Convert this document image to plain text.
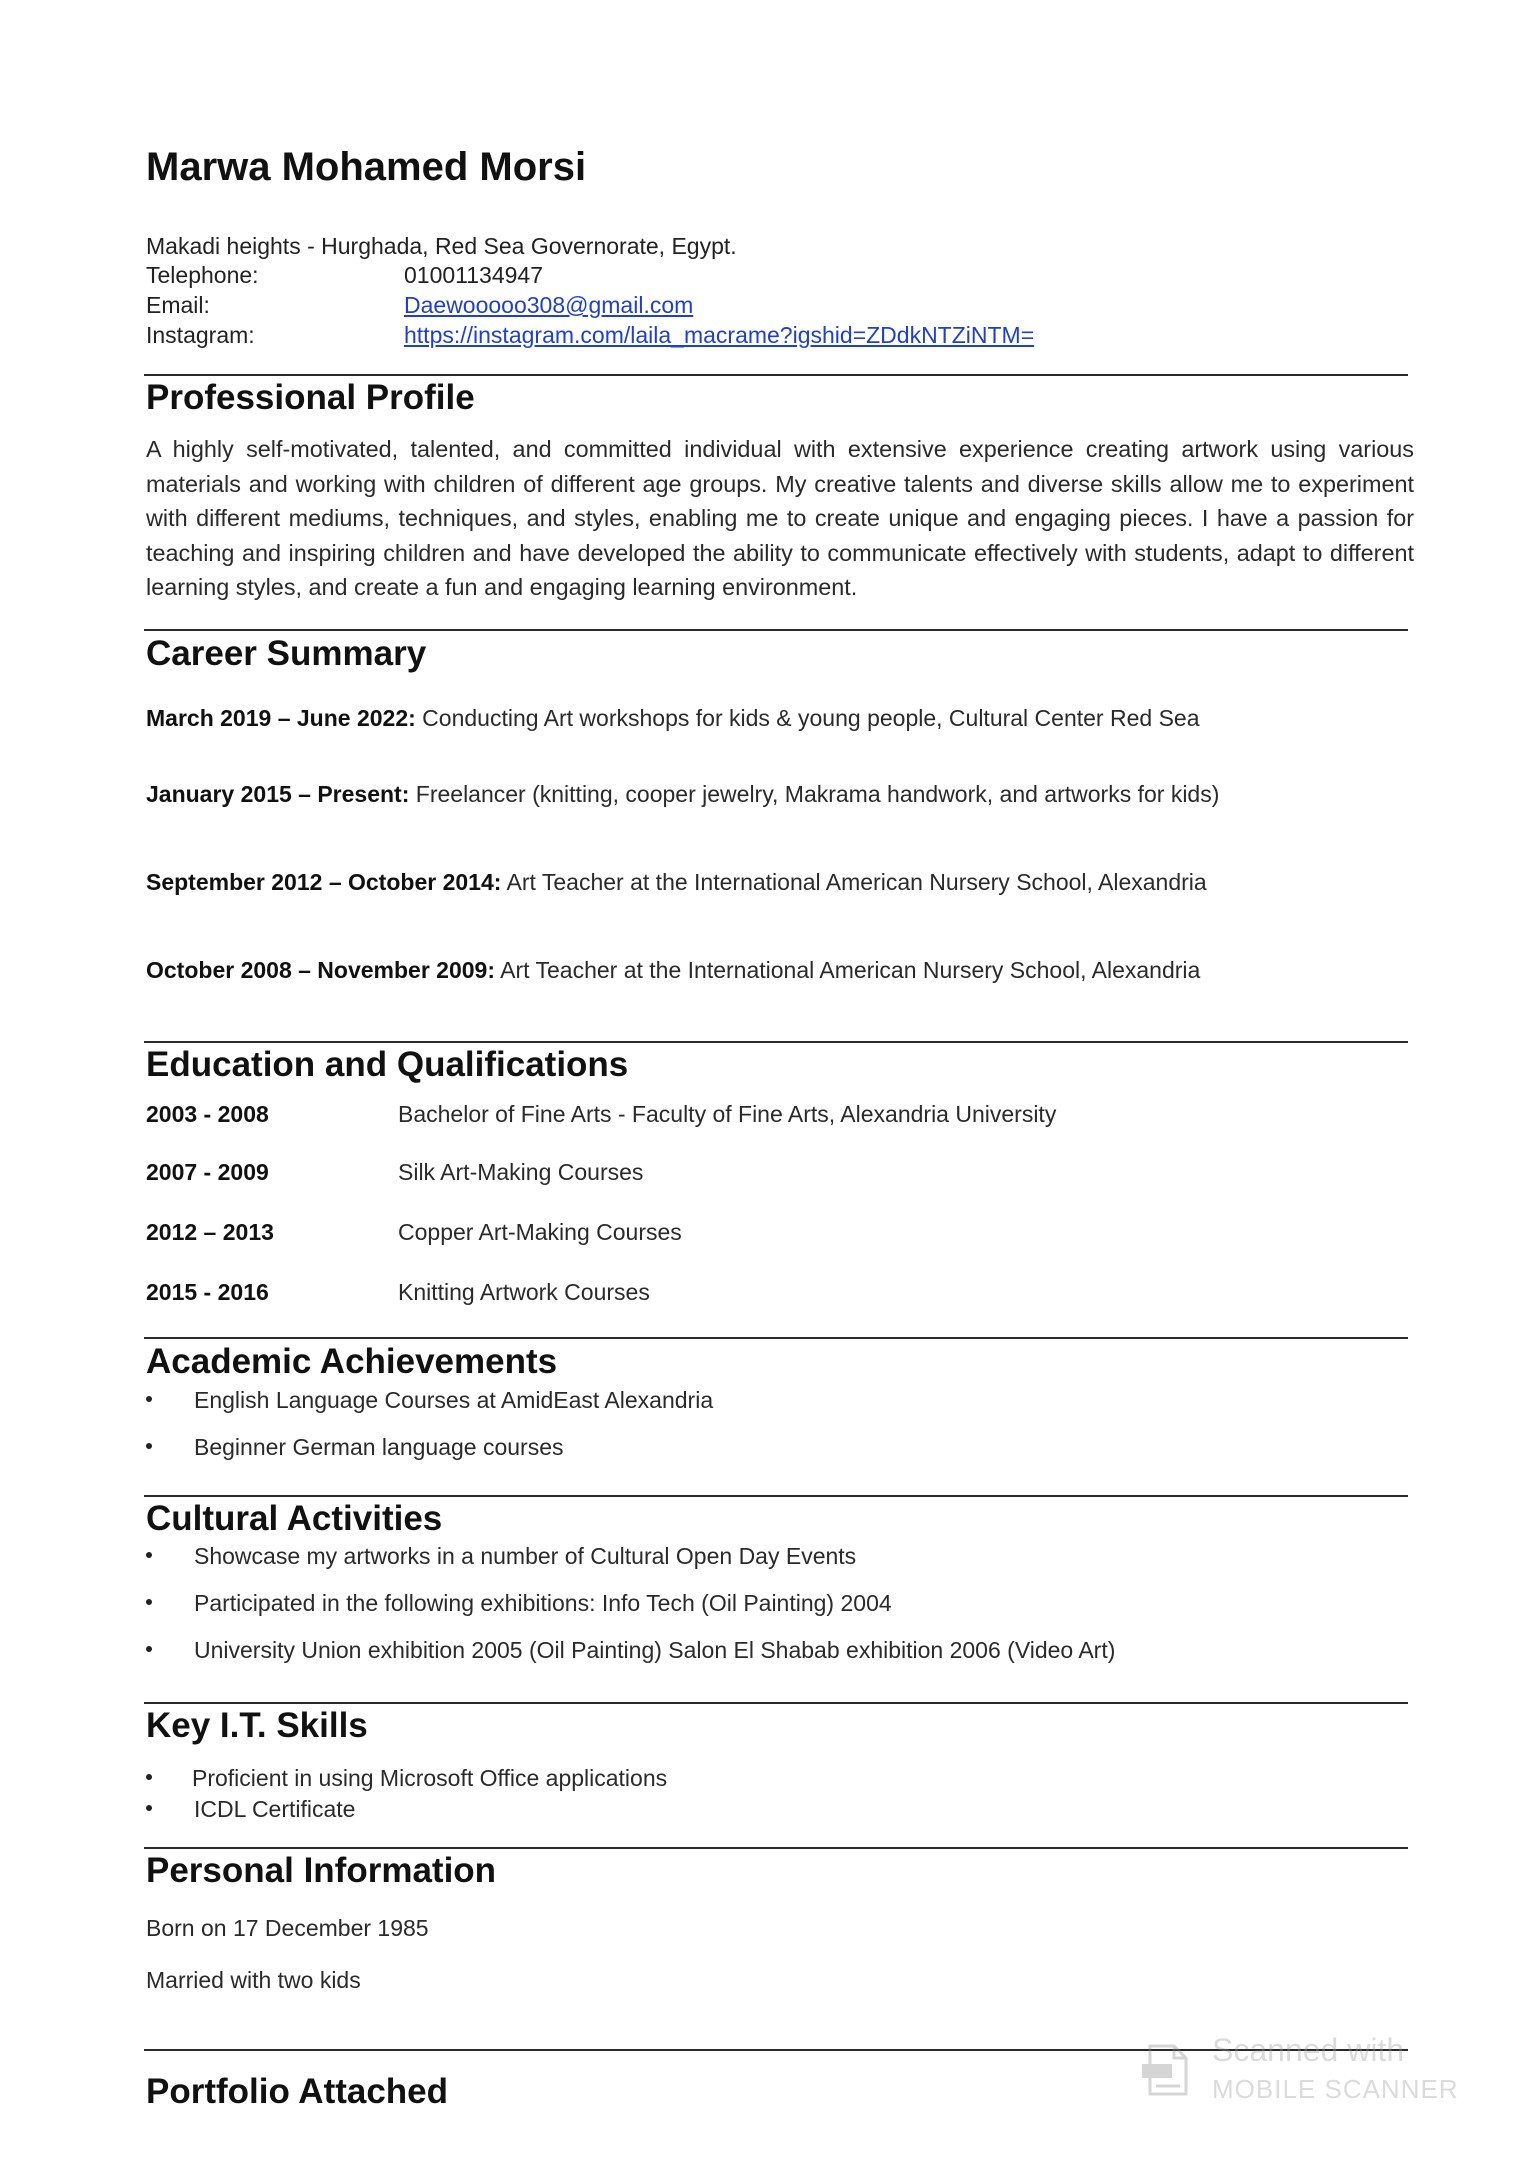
Marwa Mohamed Morsi
Makadi heights - Hurghada, Red Sea Governorate, Egypt.
Telephone:	01001134947
Email:	Daewooooo308@gmail.com
Instagram:	https://instagram.com/laila_macrame?igshid=ZDdkNTZiNTM=
Professional Profile

A highly self-motivated, talented, and committed individual with extensive experience creating artwork using various materials and working with children of different age groups. My creative talents and diverse skills allow me to experiment with different mediums, techniques, and styles, enabling me to create unique and engaging pieces. I have a passion for teaching and inspiring children and have developed the ability to communicate effectively with students, adapt to different learning styles, and create a fun and engaging learning environment.

Career Summary
March 2019 – June 2022: Conducting Art workshops for kids & young people, Cultural Center Red Sea
January 2015 – Present: Freelancer (knitting, cooper jewelry, Makrama handwork, and artworks for kids)
September 2012 – October 2014: Art Teacher at the International American Nursery School, Alexandria
October 2008 – November 2009: Art Teacher at the International American Nursery School, Alexandria
Education and Qualifications
2003 - 2008	Bachelor of Fine Arts - Faculty of Fine Arts, Alexandria University
2007 - 2009	Silk Art-Making Courses
2012 – 2013	Copper Art-Making Courses
2015 - 2016	Knitting Artwork Courses
Academic Achievements
English Language Courses at AmidEast Alexandria
Beginner German language courses
Cultural Activities
Showcase my artworks in a number of Cultural Open Day Events
Participated in the following exhibitions: Info Tech (Oil Painting) 2004
University Union exhibition 2005 (Oil Painting) Salon El Shabab exhibition 2006 (Video Art)
Key I.T. Skills
Proficient in using Microsoft Office applications
ICDL Certificate
Personal Information
Born on 17 December 1985
Married with two kids
Portfolio Attached
Scanned with
MOBILE SCANNER
